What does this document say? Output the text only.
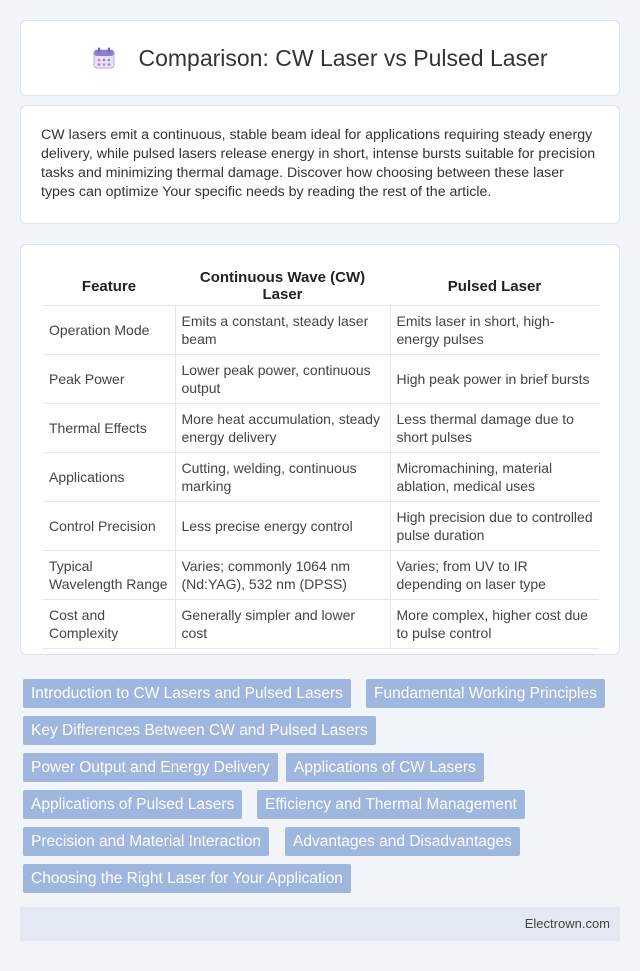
Comparison: CW Laser vs Pulsed Laser

CW lasers emit a continuous, stable beam ideal for applications requiring steady energy delivery, while pulsed lasers release energy in short, intense bursts suitable for precision tasks and minimizing thermal damage. Discover how choosing between these laser types can optimize Your specific needs by reading the rest of the article.

Feature	Continuous Wave (CW) Laser	Pulsed Laser
Operation Mode	Emits a constant, steady laser beam	Emits laser in short, high-energy pulses
Peak Power	Lower peak power, continuous output	High peak power in brief bursts
Thermal Effects	More heat accumulation, steady energy delivery	Less thermal damage due to short pulses
Applications	Cutting, welding, continuous marking	Micromachining, material ablation, medical uses
Control Precision	Less precise energy control	High precision due to controlled pulse duration
Typical Wavelength Range	Varies; commonly 1064 nm (Nd:YAG), 532 nm (DPSS)	Varies; from UV to IR depending on laser type
Cost and Complexity	Generally simpler and lower cost	More complex, higher cost due to pulse control
Introduction to CW Lasers and Pulsed Lasers	Fundamental Working Principles
Key Differences Between CW and Pulsed Lasers
Power Output and Energy Delivery	Applications of CW Lasers
Applications of Pulsed Lasers	Efficiency and Thermal Management
Precision and Material Interaction	Advantages and Disadvantages
Choosing the Right Laser for Your Application
Electrown.com
